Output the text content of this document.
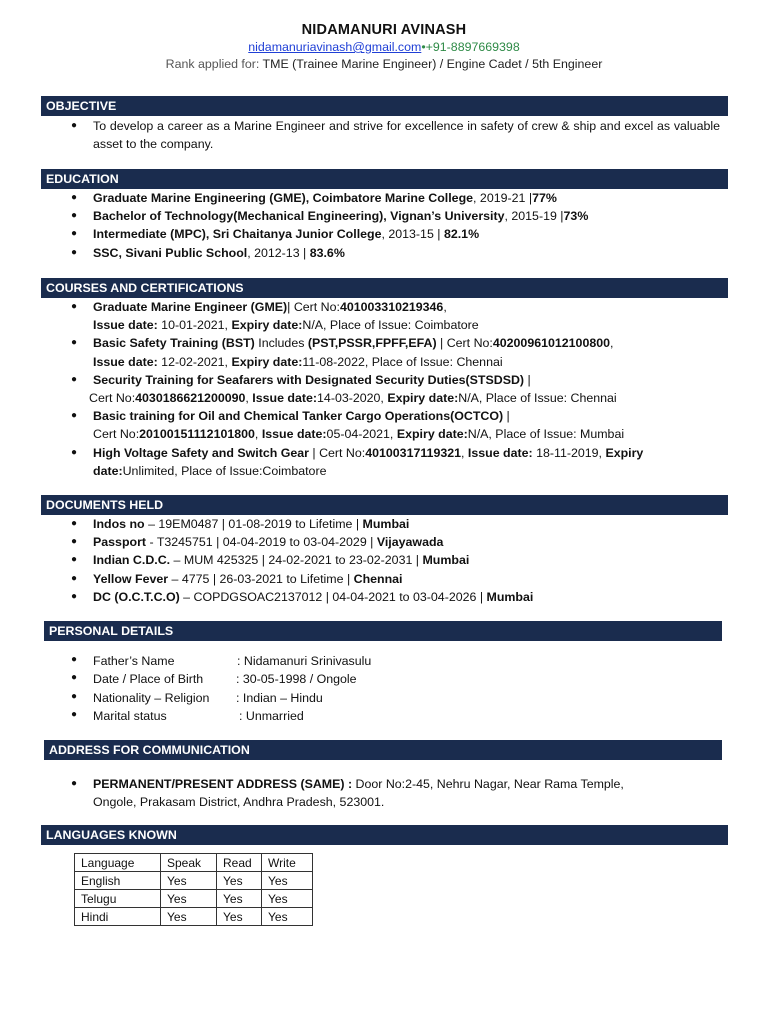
NIDAMANURI AVINASH
nidamanuriavinash@gmail.com•+91-8897669398
Rank applied for: TME (Trainee Marine Engineer) / Engine Cadet / 5th Engineer
OBJECTIVE
● To develop a career as a Marine Engineer and strive for excellence in safety of crew & ship and excel as valuable asset to the company.
EDUCATION
● Graduate Marine Engineering (GME), Coimbatore Marine College, 2019-21 |77%
● Bachelor of Technology(Mechanical Engineering), Vignan’s University, 2015-19 |73%
● Intermediate (MPC), Sri Chaitanya Junior College, 2013-15 | 82.1%
● SSC, Sivani Public School, 2012-13 | 83.6%
COURSES AND CERTIFICATIONS
● Graduate Marine Engineer (GME)| Cert No:401003310219346,
Issue date: 10-01-2021, Expiry date:N/A, Place of Issue: Coimbatore
● Basic Safety Training (BST) Includes (PST,PSSR,FPFF,EFA) | Cert No:40200961012100800,
Issue date: 12-02-2021, Expiry date:11-08-2022, Place of Issue: Chennai
● Security Training for Seafarers with Designated Security Duties(STSDSD) |
Cert No:4030186621200090, Issue date:14-03-2020, Expiry date:N/A, Place of Issue: Chennai
● Basic training for Oil and Chemical Tanker Cargo Operations(OCTCO) |
Cert No:20100151112101800, Issue date:05-04-2021, Expiry date:N/A, Place of Issue: Mumbai
● High Voltage Safety and Switch Gear | Cert No:40100317119321, Issue date: 18-11-2019, Expiry
date:Unlimited, Place of Issue:Coimbatore
DOCUMENTS HELD
● Indos no – 19EM0487 | 01-08-2019 to Lifetime | Mumbai
● Passport - T3245751 | 04-04-2019 to 03-04-2029 | Vijayawada
● Indian C.D.C. – MUM 425325 | 24-02-2021 to 23-02-2031 | Mumbai
● Yellow Fever – 4775 | 26-03-2021 to Lifetime | Chennai
● DC (O.C.T.C.O) – COPDGSOAC2137012 | 04-04-2021 to 03-04-2026 | Mumbai
PERSONAL DETAILS
● Father’s Name	: Nidamanuri Srinivasulu
● Date / Place of Birth	: 30-05-1998 / Ongole
● Nationality – Religion : Indian – Hindu
● Marital status	: Unmarried
ADDRESS FOR COMMUNICATION
● PERMANENT/PRESENT ADDRESS (SAME) : Door No:2-45, Nehru Nagar, Near Rama Temple,
Ongole, Prakasam District, Andhra Pradesh, 523001.
LANGUAGES KNOWN
Language	Speak	Read	Write
English	Yes	Yes	Yes
Telugu	Yes	Yes	Yes
Hindi	Yes	Yes	Yes
